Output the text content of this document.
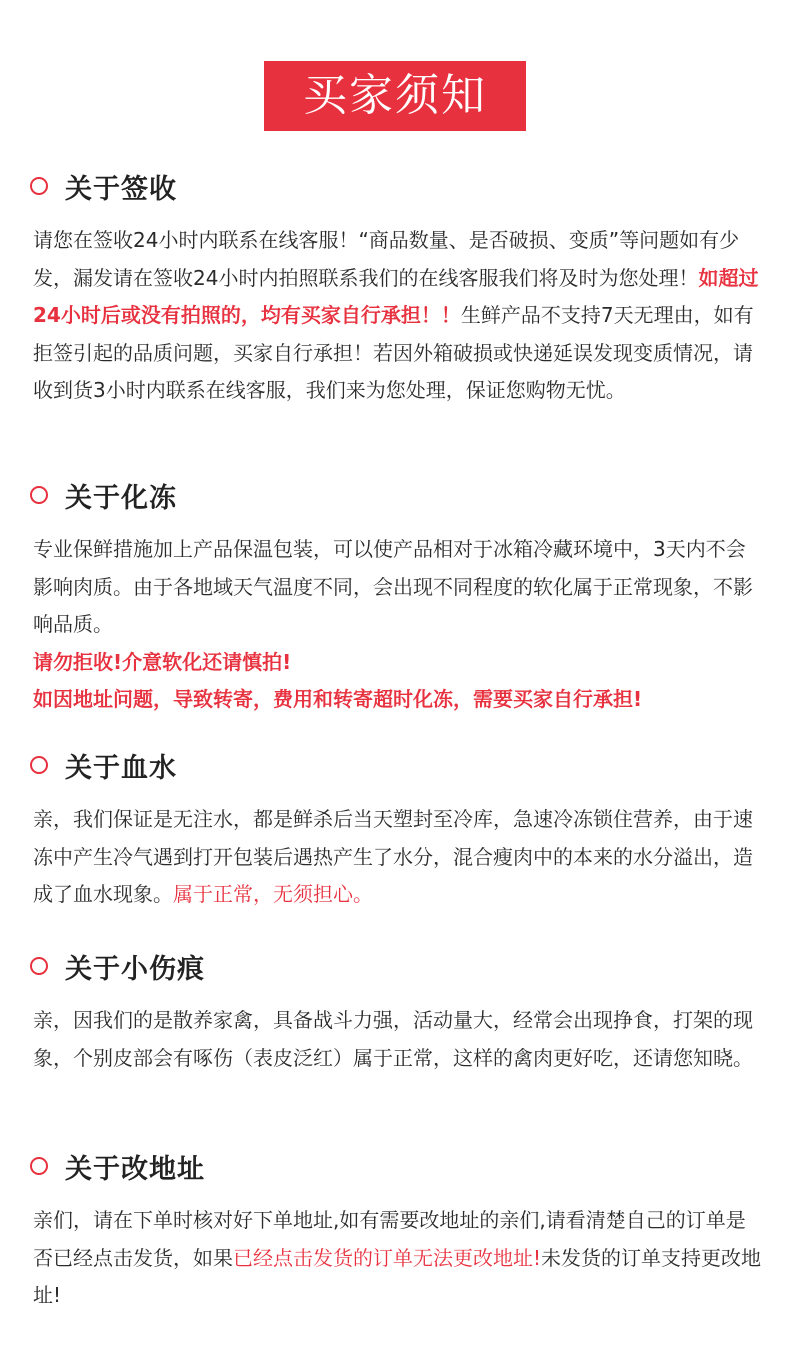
买家须知
关于签收
请您在签收24小时内联系在线客服！“商品数量、是否破损、变质”等问题如有少发，漏发请在签收24小时内拍照联系我们的在线客服我们将及时为您处理！如超过24小时后或没有拍照的，均有买家自行承担！！生鲜产品不支持7天无理由，如有拒签引起的品质问题，买家自行承担！若因外箱破损或快递延误发现变质情况，请收到货3小时内联系在线客服，我们来为您处理，保证您购物无忧。
关于化冻
专业保鲜措施加上产品保温包装，可以使产品相对于冰箱冷藏环境中，3天内不会影响肉质。由于各地域天气温度不同，会出现不同程度的软化属于正常现象，不影响品质。
请勿拒收!介意软化还请慎拍!
如因地址问题，导致转寄，费用和转寄超时化冻，需要买家自行承担!
关于血水
亲，我们保证是无注水，都是鲜杀后当天塑封至冷库，急速冷冻锁住营养，由于速冻中产生冷气遇到打开包装后遇热产生了水分，混合瘦肉中的本来的水分溢出，造成了血水现象。属于正常，无须担心。
关于小伤痕
亲，因我们的是散养家禽，具备战斗力强，活动量大，经常会出现挣食，打架的现象，个别皮部会有啄伤（表皮泛红）属于正常，这样的禽肉更好吃，还请您知晓。
关于改地址
亲们，请在下单时核对好下单地址,如有需要改地址的亲们,请看清楚自己的订单是否已经点击发货，如果已经点击发货的订单无法更改地址!未发货的订单支持更改地址!
